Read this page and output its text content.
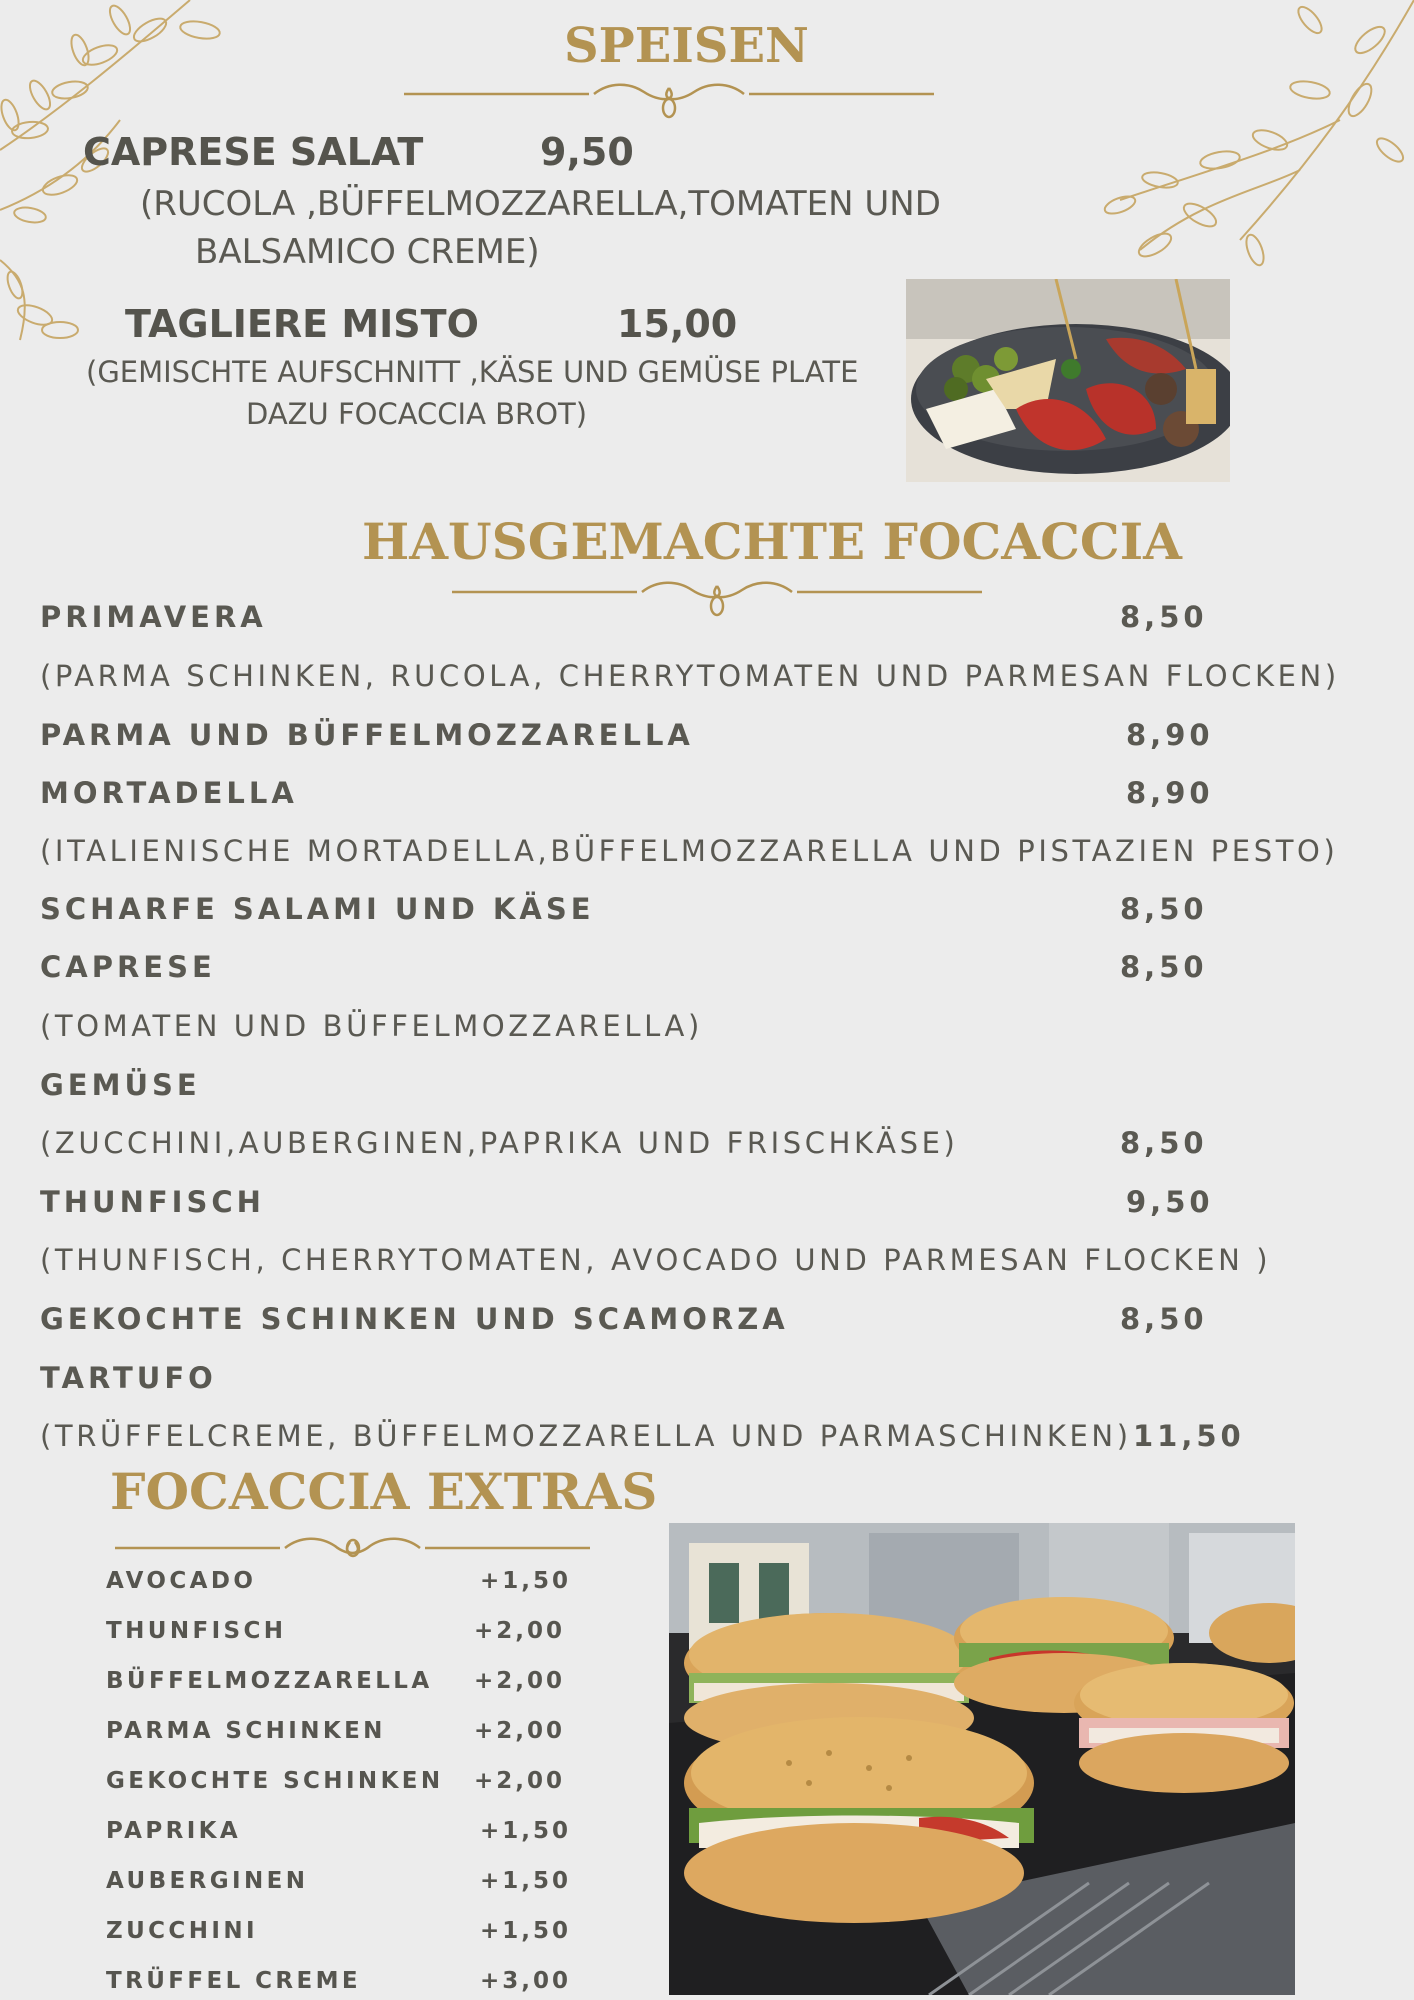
SPEISEN
CAPRESE SALAT	9,50
(RUCOLA ,BÜFFELMOZZARELLA,TOMATEN UND
BALSAMICO CREME)
TAGLIERE MISTO	15,00
(GEMISCHTE AUFSCHNITT ,KÄSE UND GEMÜSE PLATE
DAZU FOCACCIA BROT)
HAUSGEMACHTE FOCACCIA
PRIMAVERA	8,50
(PARMA SCHINKEN, RUCOLA, CHERRYTOMATEN UND PARMESAN FLOCKEN)
PARMA UND BÜFFELMOZZARELLA	8,90
MORTADELLA	8,90
(ITALIENISCHE MORTADELLA,BÜFFELMOZZARELLA UND PISTAZIEN PESTO)
SCHARFE SALAMI UND KÄSE	8,50
CAPRESE	8,50
(TOMATEN UND BÜFFELMOZZARELLA)
GEMÜSE
(ZUCCHINI,AUBERGINEN,PAPRIKA UND FRISCHKÄSE)	8,50
THUNFISCH	9,50
(THUNFISCH, CHERRYTOMATEN, AVOCADO UND PARMESAN FLOCKEN )
GEKOCHTE SCHINKEN UND SCAMORZA	8,50
TARTUFO
(TRÜFFELCREME, BÜFFELMOZZARELLA UND PARMASCHINKEN) 11,50
FOCACCIA EXTRAS
AVOCADO	+1,50
THUNFISCH	+2,00
BÜFFELMOZZARELLA +2,00
PARMA SCHINKEN	+2,00
GEKOCHTE SCHINKEN +2,00
PAPRIKA	+1,50
AUBERGINEN	+1,50
ZUCCHINI	+1,50
TRÜFFEL CREME	+3,00
